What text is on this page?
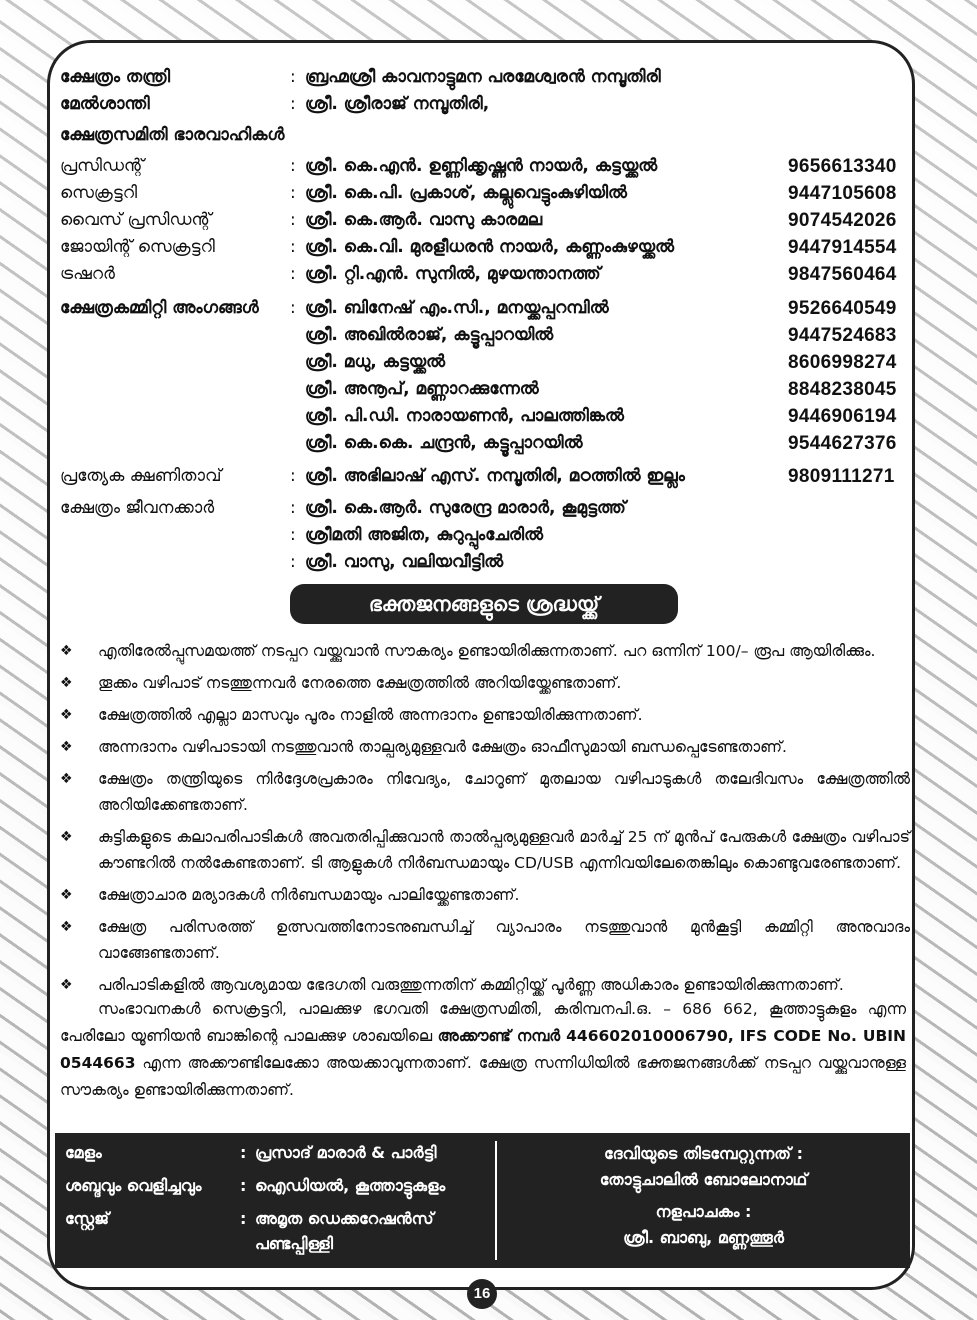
ക്ഷേത്രം തന്ത്രി	: ബ്രഹ്മശ്രീ കാവനാട്ടുമന പരമേശ്വരൻ നമ്പൂതിരി
മേൽശാന്തി	: ശ്രീ. ശ്രീരാജ് നമ്പൂതിരി,
ക്ഷേത്രസമിതി ഭാരവാഹികൾ
പ്രസിഡന്റ്	: ശ്രീ. കെ.എൻ. ഉണ്ണിക്കൃഷ്ണൻ നായർ, കട്ടയ്ക്കൽ	9656613340
സെക്രട്ടറി	: ശ്രീ. കെ.പി. പ്രകാശ്, കല്ലുവെട്ടുംകുഴിയിൽ	9447105608
വൈസ് പ്രസിഡന്റ്	: ശ്രീ. കെ.ആർ. വാസു കാരമല	9074542026
ജോയിന്റ് സെക്രട്ടറി	: ശ്രീ. കെ.വി. മുരളീധരൻ നായർ, കണ്ണംകുഴയ്ക്കൽ	9447914554
ട്രഷറർ	: ശ്രീ. റ്റി.എൻ. സുനിൽ, മുഴയന്താനത്ത്	9847560464
ക്ഷേത്രകമ്മിറ്റി അംഗങ്ങൾ	: ശ്രീ. ബിനേഷ് എം.സി., മനയ്ക്കപ്പറമ്പിൽ	9526640549
ശ്രീ. അഖിൽരാജ്, കട്ടൂപ്പാറയിൽ	9447524683
ശ്രീ. മധു, കട്ടയ്ക്കൽ	8606998274
ശ്രീ. അനൂപ്, മണ്ണാറക്കുന്നേൽ	8848238045
ശ്രീ. പി.ഡി. നാരായണൻ, പാലത്തിങ്കൽ	9446906194
ശ്രീ. കെ.കെ. ചന്ദ്രൻ, കട്ടൂപ്പാറയിൽ	9544627376
പ്രത്യേക ക്ഷണിതാവ്	: ശ്രീ. അഭിലാഷ് എസ്. നമ്പൂതിരി, മഠത്തിൽ ഇല്ലം	9809111271
ക്ഷേത്രം ജീവനക്കാർ	: ശ്രീ. കെ.ആർ. സുരേന്ദ്ര മാരാർ, കൂമുട്ടത്ത്
: ശ്രീമതി അജിത, കുറുപ്പുംചേരിൽ
: ശ്രീ. വാസു, വലിയവീട്ടിൽ
ഭക്തജനങ്ങളുടെ ശ്രദ്ധയ്ക്ക്
❖ എതിരേൽപ്പുസമയത്ത് നടപ്പറ വയ്ക്കുവാൻ സൗകര്യം ഉണ്ടായിരിക്കുന്നതാണ്. പറ ഒന്നിന് 100/– രൂപ ആയിരിക്കും.
❖ തൂക്കം വഴിപാട് നടത്തുന്നവർ നേരത്തെ ക്ഷേത്രത്തിൽ അറിയിയ്ക്കേണ്ടതാണ്.
❖ ക്ഷേത്രത്തിൽ എല്ലാ മാസവും പൂരം നാളിൽ അന്നദാനം ഉണ്ടായിരിക്കുന്നതാണ്.
❖ അന്നദാനം വഴിപാടായി നടത്തുവാൻ താല്പര്യമുള്ളവർ ക്ഷേത്രം ഓഫീസുമായി ബന്ധപ്പെടേണ്ടതാണ്.
❖ ക്ഷേത്രം തന്ത്രിയുടെ നിർദ്ദേശപ്രകാരം നിവേദ്യം, ചോറൂണ് മുതലായ വഴിപാടുകൾ തലേദിവസം ക്ഷേത്രത്തിൽ അറിയിക്കേണ്ടതാണ്.
❖ കുട്ടികളുടെ കലാപരിപാടികൾ അവതരിപ്പിക്കുവാൻ താൽപ്പര്യമുള്ളവർ മാർച്ച് 25 ന് മുൻപ് പേരുകൾ ക്ഷേത്രം വഴിപാട് കൗണ്ടറിൽ നൽകേണ്ടതാണ്. ടി ആളുകൾ നിർബന്ധമായും CD/USB എന്നിവയിലേതെങ്കിലും കൊണ്ടുവരേണ്ടതാണ്.
❖ ക്ഷേത്രാചാര മര്യാദകൾ നിർബന്ധമായും പാലിയ്ക്കേണ്ടതാണ്.
❖ ക്ഷേത്ര പരിസരത്ത് ഉത്സവത്തിനോടനുബന്ധിച്ച് വ്യാപാരം നടത്തുവാൻ മുൻകൂട്ടി കമ്മിറ്റി അനുവാദം വാങ്ങേണ്ടതാണ്.
❖ പരിപാടികളിൽ ആവശ്യമായ ഭേദഗതി വരുത്തുന്നതിന് കമ്മിറ്റിയ്ക്ക് പൂർണ്ണ അധികാരം ഉണ്ടായിരിക്കുന്നതാണ്.
സംഭാവനകൾ സെക്രട്ടറി, പാലക്കുഴ ഭഗവതി ക്ഷേത്രസമിതി, കരിമ്പനപി.ഒ. – 686 662, കൂത്താട്ടുകുളം എന്ന പേരിലോ യൂണിയൻ ബാങ്കിന്റെ പാലക്കുഴ ശാഖയിലെ അക്കൗണ്ട് നമ്പർ 446602010006790, IFS CODE No. UBIN 0544663 എന്ന അക്കൗണ്ടിലേക്കോ അയക്കാവുന്നതാണ്. ക്ഷേത്ര സന്നിധിയിൽ ഭക്തജനങ്ങൾക്ക് നടപ്പറ വയ്ക്കുവാനുള്ള സൗകര്യം ഉണ്ടായിരിക്കുന്നതാണ്.
മേളം	: പ്രസാദ് മാരാർ & പാർട്ടി
ശബ്ദവും വെളിച്ചവും : ഐഡിയൽ, കൂത്താട്ടുകുളം
സ്റ്റേജ്	: അമൃത ഡെക്കറേഷൻസ്
പണ്ടപ്പിള്ളി
ദേവിയുടെ തിടമ്പേറ്റുന്നത് :
തോട്ടുചാലിൽ ബോലോനാഥ്
നളപാചകം :
ശ്രീ. ബാബു, മണ്ണത്തൂർ
16
